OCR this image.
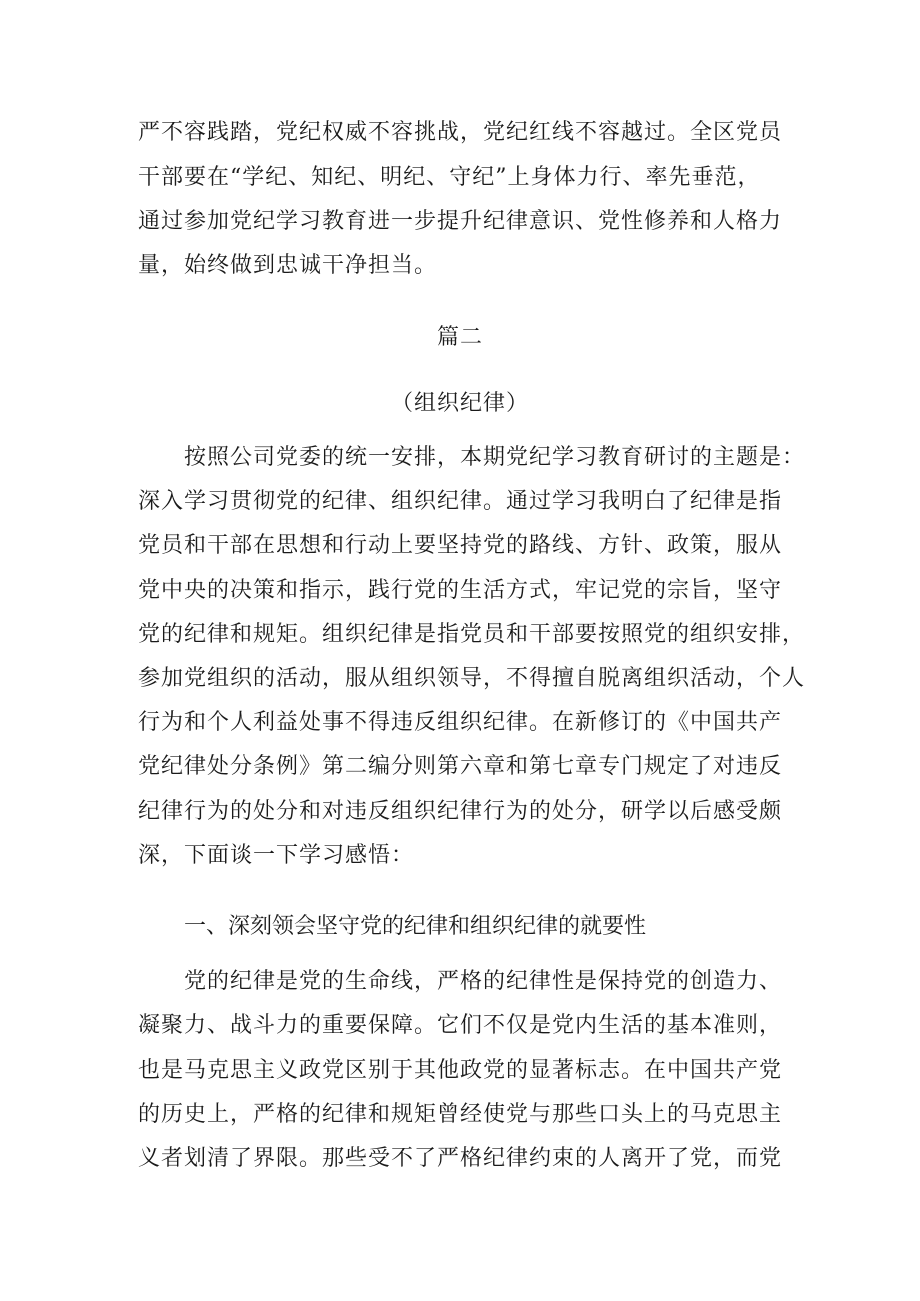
严不容践踏，党纪权威不容挑战，党纪红线不容越过。全区党员
干部要在“学纪、知纪、明纪、守纪”上身体力行、率先垂范，
通过参加党纪学习教育进一步提升纪律意识、党性修养和人格力
量，始终做到忠诚干净担当。
篇二
（组织纪律）
按照公司党委的统一安排，本期党纪学习教育研讨的主题是：
深入学习贯彻党的纪律、组织纪律。通过学习我明白了纪律是指
党员和干部在思想和行动上要坚持党的路线、方针、政策，服从
党中央的决策和指示，践行党的生活方式，牢记党的宗旨，坚守
党的纪律和规矩。组织纪律是指党员和干部要按照党的组织安排，
参加党组织的活动，服从组织领导，不得擅自脱离组织活动，个人
行为和个人利益处事不得违反组织纪律。在新修订的《中国共产
党纪律处分条例》第二编分则第六章和第七章专门规定了对违反
纪律行为的处分和对违反组织纪律行为的处分，研学以后感受颇
深，下面谈一下学习感悟：
一、深刻领会坚守党的纪律和组织纪律的就要性
党的纪律是党的生命线，严格的纪律性是保持党的创造力、
凝聚力、战斗力的重要保障。它们不仅是党内生活的基本准则，
也是马克思主义政党区别于其他政党的显著标志。在中国共产党
的历史上，严格的纪律和规矩曾经使党与那些口头上的马克思主
义者划清了界限。那些受不了严格纪律约束的人离开了党，而党
